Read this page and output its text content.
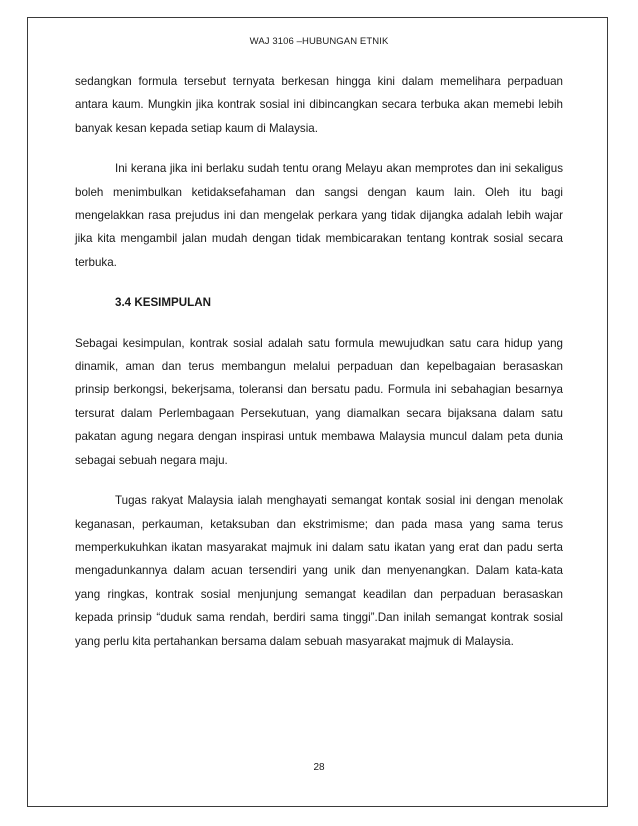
WAJ 3106 –HUBUNGAN ETNIK

sedangkan formula tersebut ternyata berkesan hingga kini dalam memelihara perpaduan antara kaum. Mungkin jika kontrak sosial ini dibincangkan secara terbuka akan memebi lebih banyak kesan kepada setiap kaum di Malaysia.

Ini kerana jika ini berlaku sudah tentu orang Melayu akan memprotes dan ini sekaligus boleh menimbulkan ketidaksefahaman dan sangsi dengan kaum lain. Oleh itu bagi mengelakkan rasa prejudus ini dan mengelak perkara yang tidak dijangka adalah lebih wajar jika kita mengambil jalan mudah dengan tidak membicarakan tentang kontrak sosial secara terbuka.

3.4 KESIMPULAN

Sebagai kesimpulan, kontrak sosial adalah satu formula mewujudkan satu cara hidup yang dinamik, aman dan terus membangun melalui perpaduan dan kepelbagaian berasaskan prinsip berkongsi, bekerjsama, toleransi dan bersatu padu. Formula ini sebahagian besarnya tersurat dalam Perlembagaan Persekutuan, yang diamalkan secara bijaksana dalam satu pakatan agung negara dengan inspirasi untuk membawa Malaysia muncul dalam peta dunia sebagai sebuah negara maju.

Tugas rakyat Malaysia ialah menghayati semangat kontak sosial ini dengan menolak keganasan, perkauman, ketaksuban dan ekstrimisme; dan pada masa yang sama terus memperkukuhkan ikatan masyarakat majmuk ini dalam satu ikatan yang erat dan padu serta mengadunkannya dalam acuan tersendiri yang unik dan menyenangkan. Dalam kata-kata yang ringkas, kontrak sosial menjunjung semangat keadilan dan perpaduan berasaskan kepada prinsip “duduk sama rendah, berdiri sama tinggi”.Dan inilah semangat kontrak sosial yang perlu kita pertahankan bersama dalam sebuah masyarakat majmuk di Malaysia.

28
